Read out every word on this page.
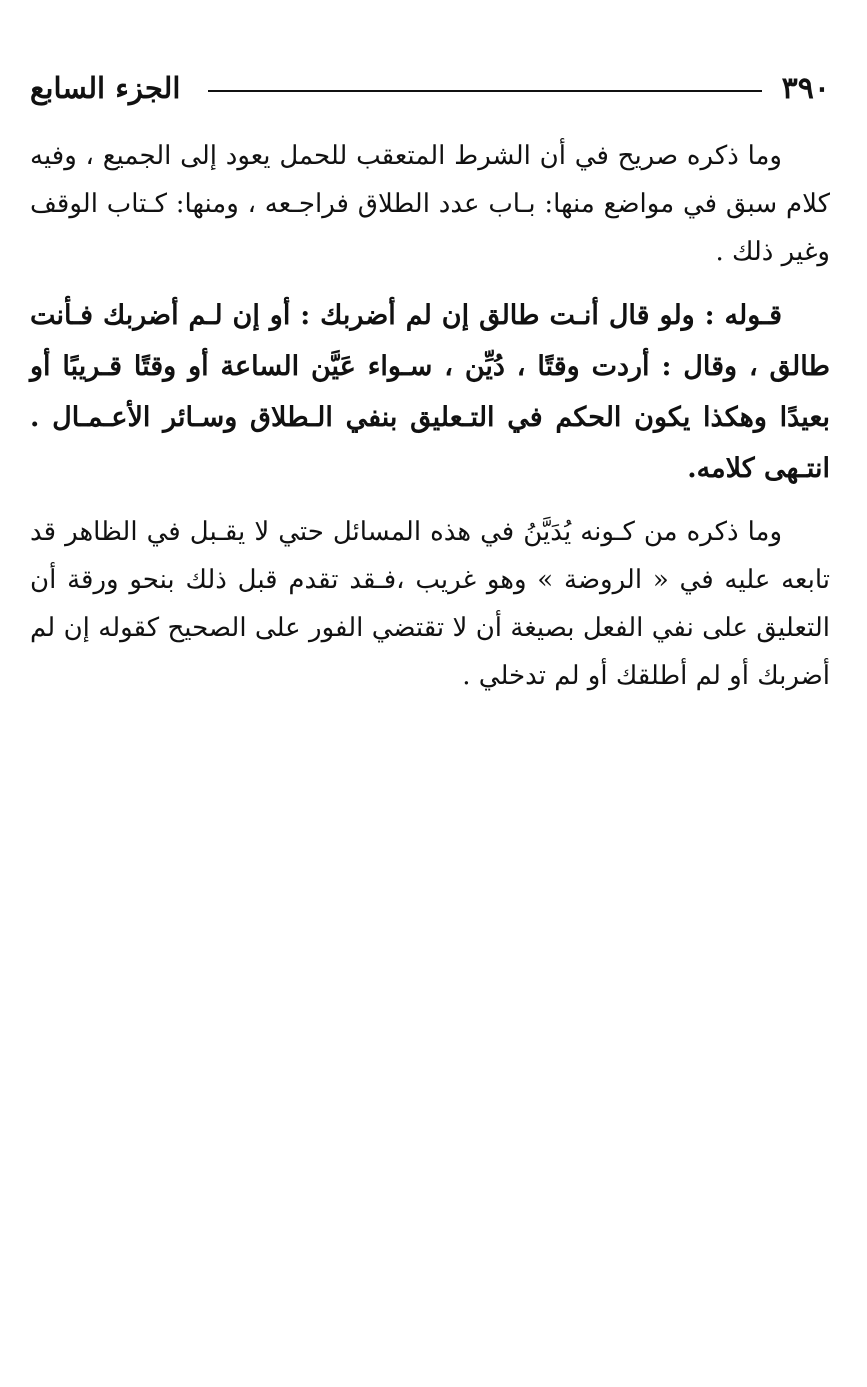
٣٩٠
الجزء السابع

وما ذكره صريح في أن الشرط المتعقب للحمل يعود إلى الجميع ، وفيه كلام سبق في مواضع منها: بـاب عدد الطلاق فراجـعه ، ومنها: كـتاب الوقف وغير ذلك .

قـوله : ولو قال أنـت طالق إن لم أضربك : أو إن لـم أضربك فـأنت طالق ، وقال : أردت وقتًا ، دُيِّن ، سـواء عَيَّن الساعة أو وقتًا قـريبًا أو بعيدًا وهكذا يكون الحكم في التـعليق بنفي الـطلاق وسـائر الأعـمـال . انتـهى كلامه.

وما ذكره من كـونه يُدَيَّنُ في هذه المسائل حتي لا يقـبل في الظاهر قد تابعه عليه في « الروضة » وهو غريب ،فـقد تقدم قبل ذلك بنحو ورقة أن التعليق على نفي الفعل بصيغة أن لا تقتضي الفور على الصحيح كقوله إن لم أضربك أو لم أطلقك أو لم تدخلي .
